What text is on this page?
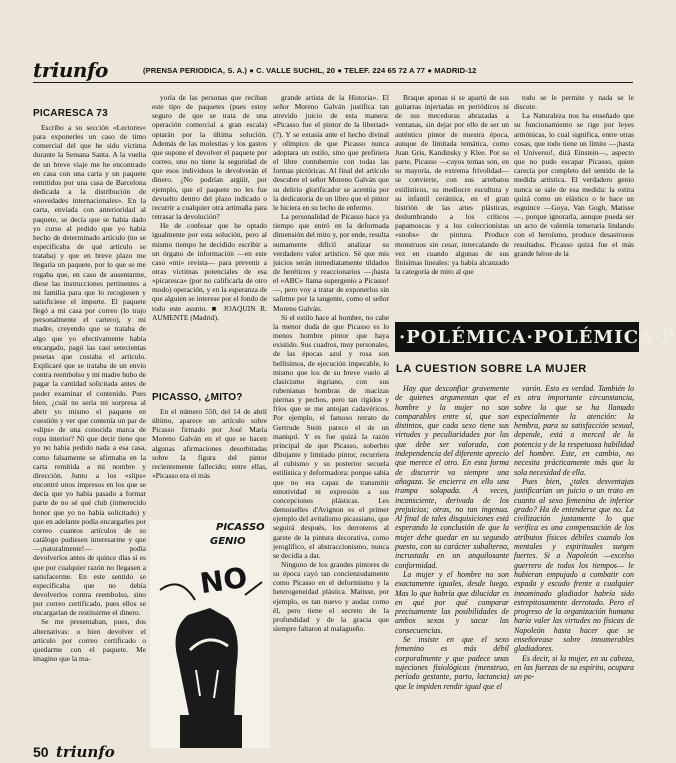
triunfo	(PRENSA PERIODICA, S. A.) ● C. VALLE SUCHIL, 20 ● TELEF. 224 65 72 A 77 ● MADRID-12
PICARESCA 73

Escribo a su sección «Lectores» para exponerles un caso de timo comercial del que he sido víctima durante la Semana Santa. A la vuelta de un breve viaje me he encontrado en casa con una carta y un paquete remitidos por una casa de Barcelona dedicada a la distribución de «novedades internacionales». En la carta, enviada con anterioridad al paquete, se decía que se había dado yo curso al pedido que yo había hecho de determinado artículo (no se especificaba de qué artículo se trataba) y que en breve plazo me llegaría un paquete, por lo que se me rogaba que, en caso de ausentarme, diese las instrucciones pertinentes a mi familia para que lo recogiesen y satisficiese el importe. El paquete llegó a mi casa por correo (lo trajo personalmente el cartero), y mi madre, creyendo que se trataba de algo que yo efectivamente había encargado, pagó las casi setecientas pesetas que costaba el artículo. Explicaré que se trataba de un envío contra reembolso y mi madre hubo de pagar la cantidad solicitada antes de poder examinar el contenido. Pues bien, ¿cuál no sería mi sorpresa al abrir yo mismo el paquete en cuestión y ver que contenía un par de «slips» de una conocida marca de ropa interior? Ni que decir tiene que yo no había pedido nada a esa casa, como falsamente se afirmaba en la carta remitida a mi nombre y dirección. Junto a los «slips» encontré unos impresos en los que se decía que yo había pasado a formar parte de no sé qué club (inmerecido honor que yo no había solicitado) y que en adelante podía encargarles por correo cuantos artículos de su catálogo pudiesen interesarme y que —¡naturalmente!— podía devolverlos antes de quince días si es que por cualquier razón no llegasen a satisfacerme. En este sentido se especificaba que no debía devolverlos contra reembolso, sino por correo certificado, pues ellos se encargarían de restituirme el dinero.

Se me presentaban, pues, dos alternativas: o bien devolver el artículo por correo certificado o quedarme con el paquete. Me imagino que la ma-

yoría de las personas que reciban este tipo de paquetes (pues estoy seguro de que se trata de una operación comercial a gran escala) optarán por la última solución. Además de las molestias y los gastos que supone el devolver el paquete por correo, uno no tiene la seguridad de que esos individuos le devolverán el dinero. ¿No podrían argüir, por ejemplo, que el paquete no les fue devuelto dentro del plazo indicado o recurrir a cualquier otra artimaña para retrasar la devolución?

He de confesar que he optado igualmente por esta solución, pero al mismo tiempo he decidido escribir a un órgano de información —en este caso «mi» revista— para prevenir a otras víctimas potenciales de esa «picaresca» (por no calificarla de otro modo) operación, y en la esperanza de que alguien se interese por el fondo de todo este asunto. ■ JOAQUIN R. AUMENTE (Madrid).

PICASSO, ¿MITO?

En el número 550, del 14 de abril último, aparece un artículo sobre Picasso firmado por José María Moreno Galván en el que se hacen algunas afirmaciones desorbitadas sobre la figura del pintor recientemente fallecido; entre ellas, «Picasso era el más

PICASSO
GENIO
NO

grande artista de la Historia». El señor Moreno Galván justifica tan atrevido juicio de esta manera: «Picasso fue el pintor de la libertad» (?). Y se extasía ante el hecho divinal y olímpico de que Picasso nunca adoptara un estilo, sino que prefiriera el libre contubernio con todas las formas pictóricas. Al final del artículo descubre el señor Moreno Galván que su delirio glorificador se acentúa por la dedicatoria de un libro que el pintor le hiciera en su lecho de enfermo.

La personalidad de Picasso hace ya tiempo que entró en la deformada dimensión del mito y, por ende, resulta sumamente difícil analizar su verdadero valor artístico. Sé que mis juicios serán inmediatamente tildados de heréticos y reaccionarios —¡hasta el «ABC» llama supergenio a Picasso!—, pero voy a tratar de exponerlos sin salirme por la tangente, como el señor Moreno Galván.

Si el estilo hace al hombre, no cabe la menor duda de que Picasso es lo menos hombre pintor que haya existido. Sus cuadros, muy personales, de las épocas azul y rosa son bellísimos, de ejecución impecable, lo mismo que los de su breve vuelo al clasicismo ingriano, con sus rubenianas hombras de macizas piernas y pechos, pero tan rígidos y fríos que se me antojan cadavéricos. Por ejemplo, el famoso retrato de Gertrude Stein parece el de un maniquí. Y es fue quizá la razón principal de que Picasso, soberbio dibujante y limitado pintor, recurriera al cubismo y su posterior secuela estilística y deformadora: porque sabía que no era capaz de transmitir emotividad ni expresión a sus concepciones plásticas. Les demoiselles d'Avignon es el primer ejemplo del avitalismo picassiano, que seguirá después, los derroteros al garete de la pintura decorativa, como jeroglífico, el abstraccionismo, nunca se decidía a dar.

Ninguno de los grandes pintores de su época cayó tan concienzudamente como Picasso en el deformismo y la heterogeneidad plástica. Matisse, por ejemplo, es tan nuevo y audaz como él, pero tiene el secreto de la profundidad y de la gracia que siempre faltaron al malagueño.

Braque apenas si se apartó de sus guitarras injertadas en periódicos ni de sus mecedoras abrazadas a ventanas, sin dejar por ello de ser un auténtico pintor de nuestra época, aunque de limitada temática, como Juan Gris, Kandinsky y Klee. Por su parte, Picasso —cuyos temas son, en su mayoría, de extrema frivolidad— se convierte, con sus arrebatos estilísticos, su mediocre escultura y su infantil cerámica, en el gran histrión de las artes plásticas, deslumbrando a los críticos papamoscas y a los coleccionistas «snobs» de pintura. Produce monstruos sin cesar, intercalando de vez en cuando algunas de sus finísimas lineales: ya había alcanzado la categoría de mito al que

todo se le permite y nada se le discute.

La Naturaleza nos ha enseñado que su funcionamiento se rige por leyes armónicas, lo cual significa, entre otras cosas, que todo tiene un límite —¡hasta el Universo!, dirá Einstein—, aspecto que no pudo escapar Picasso, quien carecía por completo del sentido de la medida artística. El verdadero genio nunca se sale de esa medida: la estira quizá como un elástico o le hace un esguince —Goya, Van Gogh, Matisse—, porque ignorarla, aunque pueda ser un acto de valentía temeraria lindando con el heroísmo, produce desastrosos resultados. Picasso quizá fue el más grande héroe de la

·POLÉMICA·POLÉMICA·P
LA CUESTION SOBRE LA MUJER

Hay que desconfiar gravemente de quienes argumentan que el hombre y la mujer no son comparables entre sí, que son distintos, que cada sexo tiene sus virtudes y peculiaridades por las que debe ser valorado, con independencia del diferente aprecio que merece el otro. En esta forma de discurrir va siempre una añagaza. Se encierra en ello una trampa solapada. A veces, inconsciente, derivada de los prejuicios; otras, no tan ingenua. Al final de tales disquisiciones está esperando la conclusión de que la mujer debe quedar en su segundo puesto, con su carácter subalterno, incrustada en un anquilosante conformidad.

La mujer y el hombre no son exactamente iguales, desde luego. Mas lo que habría que dilucidar es en qué por qué comparar precisamente las posibilidades de ambos sexos y sacar las consecuencias.

Se insiste en que el sexo femenino es más débil corporalmente y que padece unas sujeciones fisiológicas (menstruo, período gestante, parto, lactancia) que le impiden rendir igual que el

varón. Esto es verdad. También lo es otra importante circunstancia, sobre la que se ha llamado especialmente la atención: la hembra, para su satisfacción sexual, depende, está a merced de la potencia y de la respetuosa habilidad del hombre. Este, en cambio, no necesita prácticamente más que la sola necesidad de ella.

Pues bien, ¿tales desventajas justificarían un juicio o un trato en cuanto al sexo femenino de inferior grado? Ha de entenderse que no. La civilización justamente lo que verifica es una compensación de los atributos físicos débiles cuando los mentales y espirituales surgen fuertes. Si a Napoleón —excelso guerrero de todos los tiempos— le hubieran empujado a combatir con espada y escudo frente a cualquier innominado gladiador habría sido estrepitosamente derrotado. Pero el progreso de la organización humana haría valer las virtudes no físicas de Napoleón hasta hacer que se enseñorease sobre innumerables gladiadores.

Es decir, si la mujer, en su cabeza, en las fuerzas de su espíritu, ocupara un po-

50 triunfo
